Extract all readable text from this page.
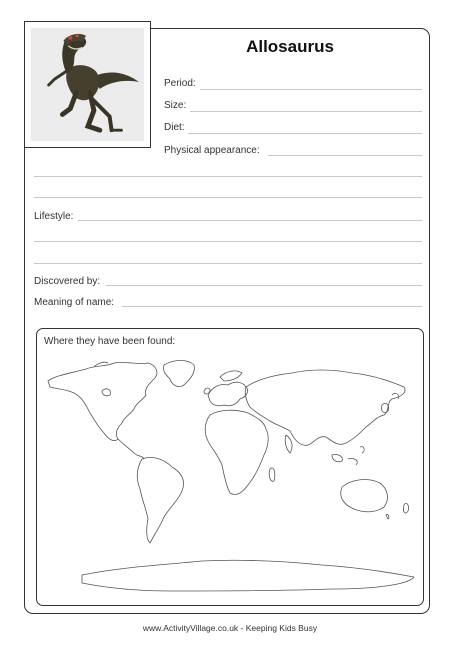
Allosaurus
Period:
Size:
Diet:
Physical appearance:
Lifestyle:
Discovered by:
Meaning of name:
Where they have been found:
www.ActivityVillage.co.uk - Keeping Kids Busy
